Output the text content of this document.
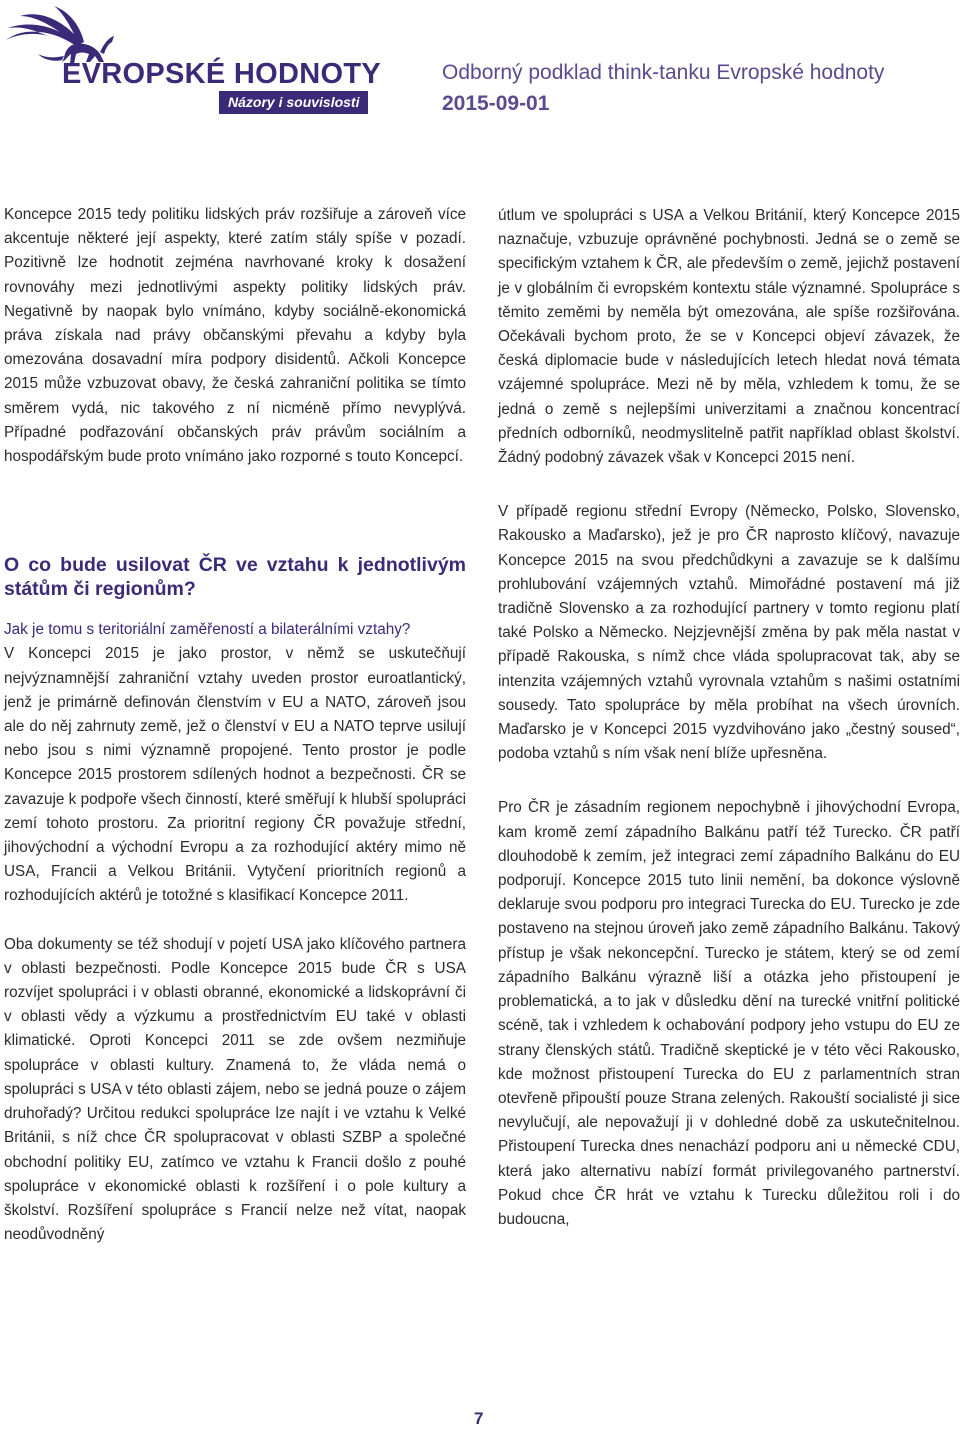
EVROPSKÉ HODNOTY
Názory i souvislosti
Odborný podklad think-tanku Evropské hodnoty
2015-09-01

Koncepce 2015 tedy politiku lidských práv rozšiřuje a zároveň více akcentuje některé její aspekty, které zatím stály spíše v pozadí. Pozitivně lze hodnotit zejména navrhované kroky k dosažení rovnováhy mezi jednotlivými aspekty politiky lidských práv. Negativně by naopak bylo vnímáno, kdyby sociálně-ekonomická práva získala nad právy občanskými převahu a kdyby byla omezována dosavadní míra podpory disidentů. Ačkoli Koncepce 2015 může vzbuzovat obavy, že česká zahraniční politika se tímto směrem vydá, nic takového z ní nicméně přímo nevyplývá. Případné podřazování občanských práv právům sociálním a hospodářským bude proto vnímáno jako rozporné s touto Koncepcí.

O co bude usilovat ČR ve vztahu k jednotlivým státům či regionům?

Jak je tomu s teritoriální zaměřeností a bilaterálními vztahy?

V Koncepci 2015 je jako prostor, v němž se uskutečňují nejvýznamnější zahraniční vztahy uveden prostor euroatlantický, jenž je primárně definován členstvím v EU a NATO, zároveň jsou ale do něj zahrnuty země, jež o členství v EU a NATO teprve usilují nebo jsou s nimi významně propojené. Tento prostor je podle Koncepce 2015 prostorem sdílených hodnot a bezpečnosti. ČR se zavazuje k podpoře všech činností, které směřují k hlubší spolupráci zemí tohoto prostoru. Za prioritní regiony ČR považuje střední, jihovýchodní a východní Evropu a za rozhodující aktéry mimo ně USA, Francii a Velkou Británii. Vytyčení prioritních regionů a rozhodujících aktérů je totožné s klasifikací Koncepce 2011.

Oba dokumenty se též shodují v pojetí USA jako klíčového partnera v oblasti bezpečnosti. Podle Koncepce 2015 bude ČR s USA rozvíjet spolupráci i v oblasti obranné, ekonomické a lidskoprávní či v oblasti vědy a výzkumu a prostřednictvím EU také v oblasti klimatické. Oproti Koncepci 2011 se zde ovšem nezmiňuje spolupráce v oblasti kultury. Znamená to, že vláda nemá o spolupráci s USA v této oblasti zájem, nebo se jedná pouze o zájem druhořadý? Určitou redukci spolupráce lze najít i ve vztahu k Velké Británii, s níž chce ČR spolupracovat v oblasti SZBP a společné obchodní politiky EU, zatímco ve vztahu k Francii došlo z pouhé spolupráce v ekonomické oblasti k rozšíření i o pole kultury a školství. Rozšíření spolupráce s Francií nelze než vítat, naopak neodůvodněný

útlum ve spolupráci s USA a Velkou Británií, který Koncepce 2015 naznačuje, vzbuzuje oprávněné pochybnosti. Jedná se o země se specifickým vztahem k ČR, ale především o země, jejichž postavení je v globálním či evropském kontextu stále významné. Spolupráce s těmito zeměmi by neměla být omezována, ale spíše rozšiřována. Očekávali bychom proto, že se v Koncepci objeví závazek, že česká diplomacie bude v následujících letech hledat nová témata vzájemné spolupráce. Mezi ně by měla, vzhledem k tomu, že se jedná o země s nejlepšími univerzitami a značnou koncentrací předních odborníků, neodmyslitelně patřit například oblast školství. Žádný podobný závazek však v Koncepci 2015 není.

V případě regionu střední Evropy (Německo, Polsko, Slovensko, Rakousko a Maďarsko), jež je pro ČR naprosto klíčový, navazuje Koncepce 2015 na svou předchůdkyni a zavazuje se k dalšímu prohlubování vzájemných vztahů. Mimořádné postavení má již tradičně Slovensko a za rozhodující partnery v tomto regionu platí také Polsko a Německo. Nejzjevnější změna by pak měla nastat v případě Rakouska, s nímž chce vláda spolupracovat tak, aby se intenzita vzájemných vztahů vyrovnala vztahům s našimi ostatními sousedy. Tato spolupráce by měla probíhat na všech úrovních. Maďarsko je v Koncepci 2015 vyzdvihováno jako „čestný soused“, podoba vztahů s ním však není blíže upřesněna.

Pro ČR je zásadním regionem nepochybně i jihovýchodní Evropa, kam kromě zemí západního Balkánu patří též Turecko. ČR patří dlouhodobě k zemím, jež integraci zemí západního Balkánu do EU podporují. Koncepce 2015 tuto linii nemění, ba dokonce výslovně deklaruje svou podporu pro integraci Turecka do EU. Turecko je zde postaveno na stejnou úroveň jako země západního Balkánu. Takový přístup je však nekoncepční. Turecko je státem, který se od zemí západního Balkánu výrazně liší a otázka jeho přistoupení je problematická, a to jak v důsledku dění na turecké vnitřní politické scéně, tak i vzhledem k ochabování podpory jeho vstupu do EU ze strany členských států. Tradičně skeptické je v této věci Rakousko, kde možnost přistoupení Turecka do EU z parlamentních stran otevřeně připouští pouze Strana zelených. Rakouští socialisté ji sice nevylučují, ale nepovažují ji v dohledné době za uskutečnitelnou. Přistoupení Turecka dnes nenachází podporu ani u německé CDU, která jako alternativu nabízí formát privilegovaného partnerství. Pokud chce ČR hrát ve vztahu k Turecku důležitou roli i do budoucna,

7
